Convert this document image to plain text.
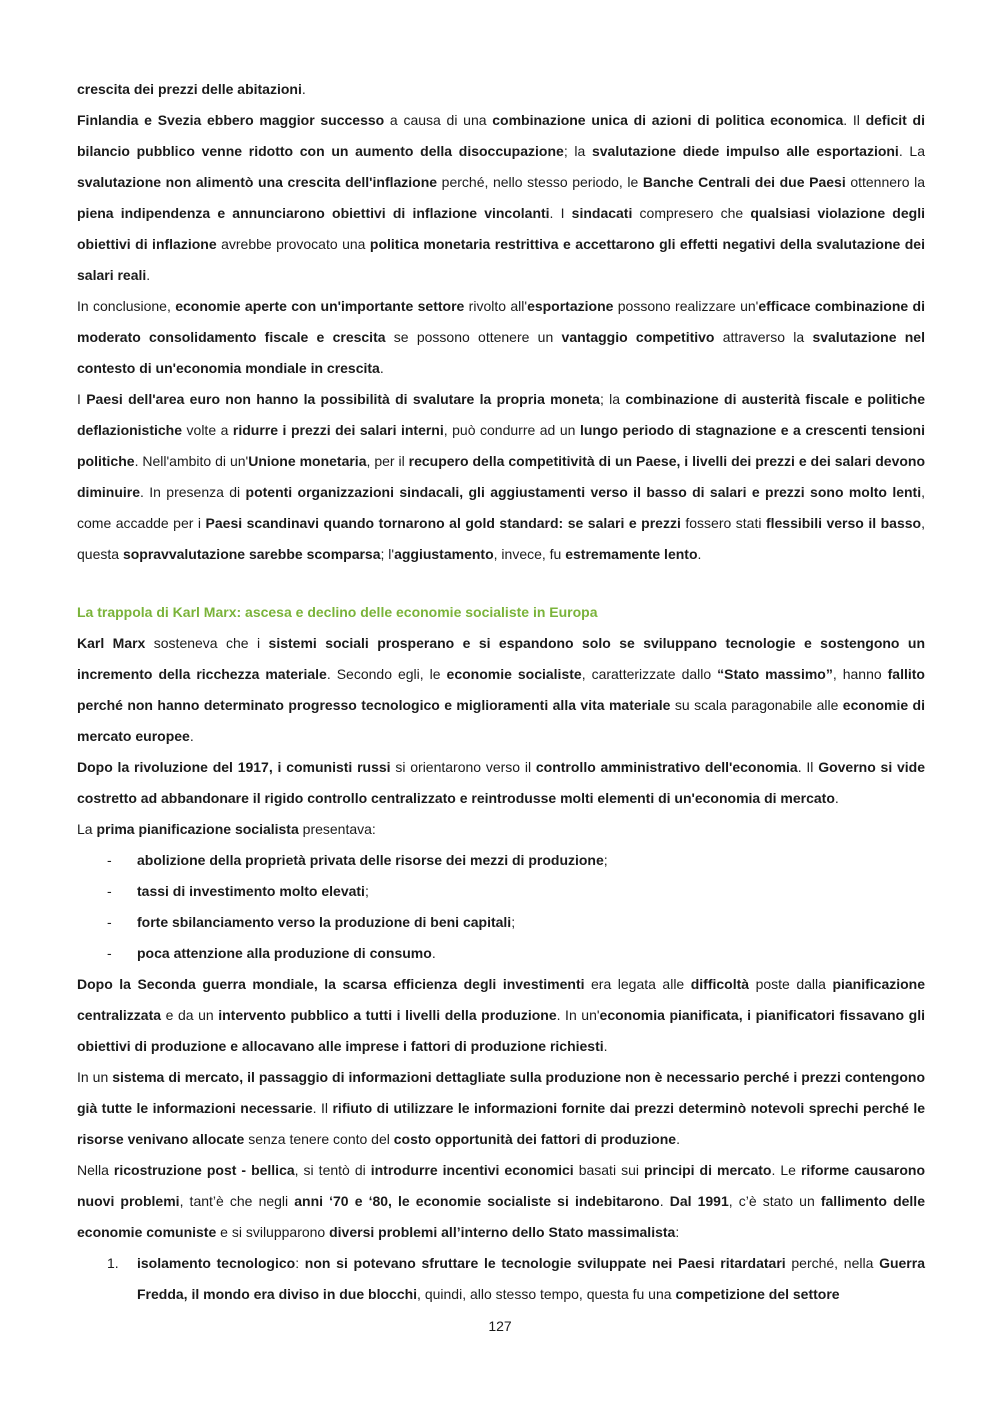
crescita dei prezzi delle abitazioni.

Finlandia e Svezia ebbero maggior successo a causa di una combinazione unica di azioni di politica economica. Il deficit di bilancio pubblico venne ridotto con un aumento della disoccupazione; la svalutazione diede impulso alle esportazioni. La svalutazione non alimentò una crescita dell'inflazione perché, nello stesso periodo, le Banche Centrali dei due Paesi ottennero la piena indipendenza e annunciarono obiettivi di inflazione vincolanti. I sindacati compresero che qualsiasi violazione degli obiettivi di inflazione avrebbe provocato una politica monetaria restrittiva e accettarono gli effetti negativi della svalutazione dei salari reali.

In conclusione, economie aperte con un'importante settore rivolto all'esportazione possono realizzare un'efficace combinazione di moderato consolidamento fiscale e crescita se possono ottenere un vantaggio competitivo attraverso la svalutazione nel contesto di un'economia mondiale in crescita.

I Paesi dell'area euro non hanno la possibilità di svalutare la propria moneta; la combinazione di austerità fiscale e politiche deflazionistiche volte a ridurre i prezzi dei salari interni, può condurre ad un lungo periodo di stagnazione e a crescenti tensioni politiche. Nell'ambito di un'Unione monetaria, per il recupero della competitività di un Paese, i livelli dei prezzi e dei salari devono diminuire. In presenza di potenti organizzazioni sindacali, gli aggiustamenti verso il basso di salari e prezzi sono molto lenti, come accadde per i Paesi scandinavi quando tornarono al gold standard: se salari e prezzi fossero stati flessibili verso il basso, questa sopravvalutazione sarebbe scomparsa; l'aggiustamento, invece, fu estremamente lento.

La trappola di Karl Marx: ascesa e declino delle economie socialiste in Europa

Karl Marx sosteneva che i sistemi sociali prosperano e si espandono solo se sviluppano tecnologie e sostengono un incremento della ricchezza materiale. Secondo egli, le economie socialiste, caratterizzate dallo “Stato massimo”, hanno fallito perché non hanno determinato progresso tecnologico e miglioramenti alla vita materiale su scala paragonabile alle economie di mercato europee.

Dopo la rivoluzione del 1917, i comunisti russi si orientarono verso il controllo amministrativo dell'economia. Il Governo si vide costretto ad abbandonare il rigido controllo centralizzato e reintrodusse molti elementi di un'economia di mercato.

La prima pianificazione socialista presentava:

- abolizione della proprietà privata delle risorse dei mezzi di produzione;
- tassi di investimento molto elevati;
- forte sbilanciamento verso la produzione di beni capitali;
- poca attenzione alla produzione di consumo.

Dopo la Seconda guerra mondiale, la scarsa efficienza degli investimenti era legata alle difficoltà poste dalla pianificazione centralizzata e da un intervento pubblico a tutti i livelli della produzione. In un'economia pianificata, i pianificatori fissavano gli obiettivi di produzione e allocavano alle imprese i fattori di produzione richiesti.

In un sistema di mercato, il passaggio di informazioni dettagliate sulla produzione non è necessario perché i prezzi contengono già tutte le informazioni necessarie. Il rifiuto di utilizzare le informazioni fornite dai prezzi determinò notevoli sprechi perché le risorse venivano allocate senza tenere conto del costo opportunità dei fattori di produzione.

Nella ricostruzione post - bellica, si tentò di introdurre incentivi economici basati sui principi di mercato. Le riforme causarono nuovi problemi, tant’è che negli anni ‘70 e ‘80, le economie socialiste si indebitarono. Dal 1991, c’è stato un fallimento delle economie comuniste e si svilupparono diversi problemi all’interno dello Stato massimalista:

1. isolamento tecnologico: non si potevano sfruttare le tecnologie sviluppate nei Paesi ritardatari perché, nella Guerra Fredda, il mondo era diviso in due blocchi, quindi, allo stesso tempo, questa fu una competizione del settore
127
